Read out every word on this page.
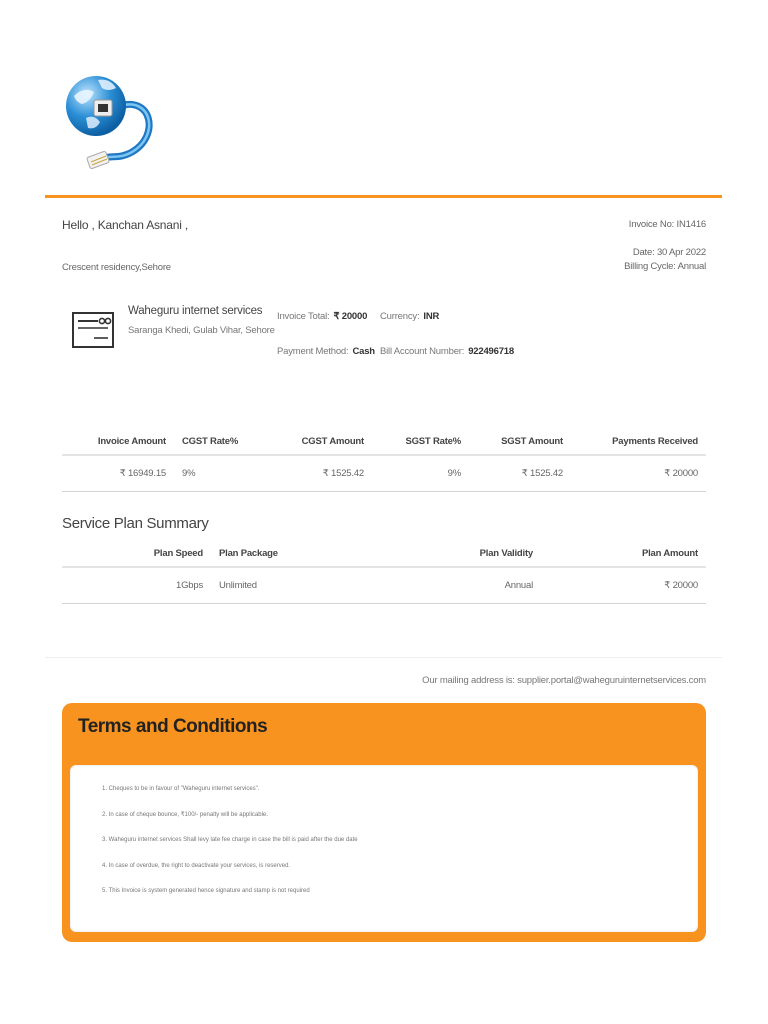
Hello , Kanchan Asnani ,
Crescent residency,Sehore
Invoice No: IN1416
Date: 30 Apr 2022
Billing Cycle: Annual
Waheguru internet services
Saranga Khedi, Gulab Vihar, Sehore
Invoice Total: ₹ 20000 Currency: INR
Payment Method: Cash Bill Account Number: 922496718
Invoice Amount	CGST Rate%	CGST Amount	SGST Rate%	SGST Amount	Payments Received
₹ 16949.15	9%	₹ 1525.42	9%	₹ 1525.42	₹ 20000
Service Plan Summary
Plan Speed	Plan Package	Plan Validity	Plan Amount
1Gbps	Unlimited	Annual	₹ 20000
Our mailing address is: supplier.portal@waheguruinternetservices.com
Terms and Conditions
1. Cheques to be in favour of "Waheguru internet services".
2. In case of cheque bounce, ₹100/- penalty will be applicable.
3. Waheguru internet services Shall levy late fee charge in case the bill is paid after the due date
4. In case of overdue, the right to deactivate your services, is reserved.
5. This Invoice is system generated hence signature and stamp is not required
